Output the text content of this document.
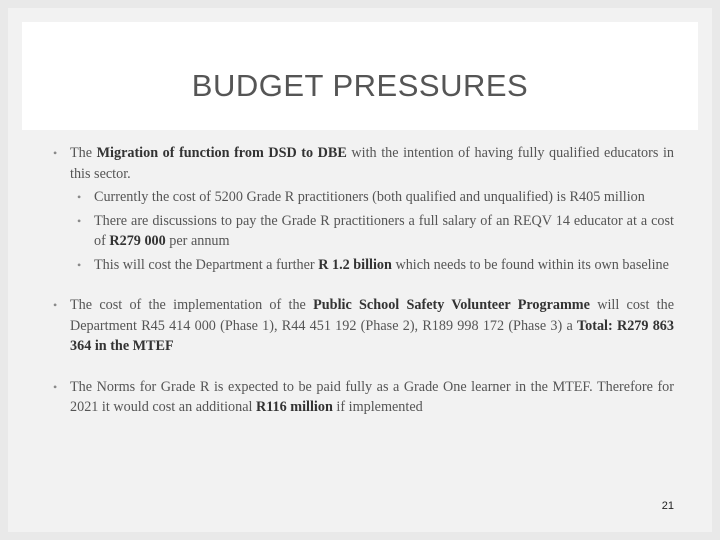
BUDGET PRESSURES
• The Migration of function from DSD to DBE with the intention of having fully qualified educators in this sector.
• Currently the cost of 5200 Grade R practitioners (both qualified and unqualified) is R405 million
• There are discussions to pay the Grade R practitioners a full salary of an REQV 14 educator at a cost of R279 000 per annum
• This will cost the Department a further R 1.2 billion which needs to be found within its own baseline
• The cost of the implementation of the Public School Safety Volunteer Programme will cost the Department R45 414 000 (Phase 1), R44 451 192 (Phase 2), R189 998 172 (Phase 3) a Total: R279 863 364 in the MTEF
• The Norms for Grade R is expected to be paid fully as a Grade One learner in the MTEF. Therefore for 2021 it would cost an additional R116 million if implemented
21
